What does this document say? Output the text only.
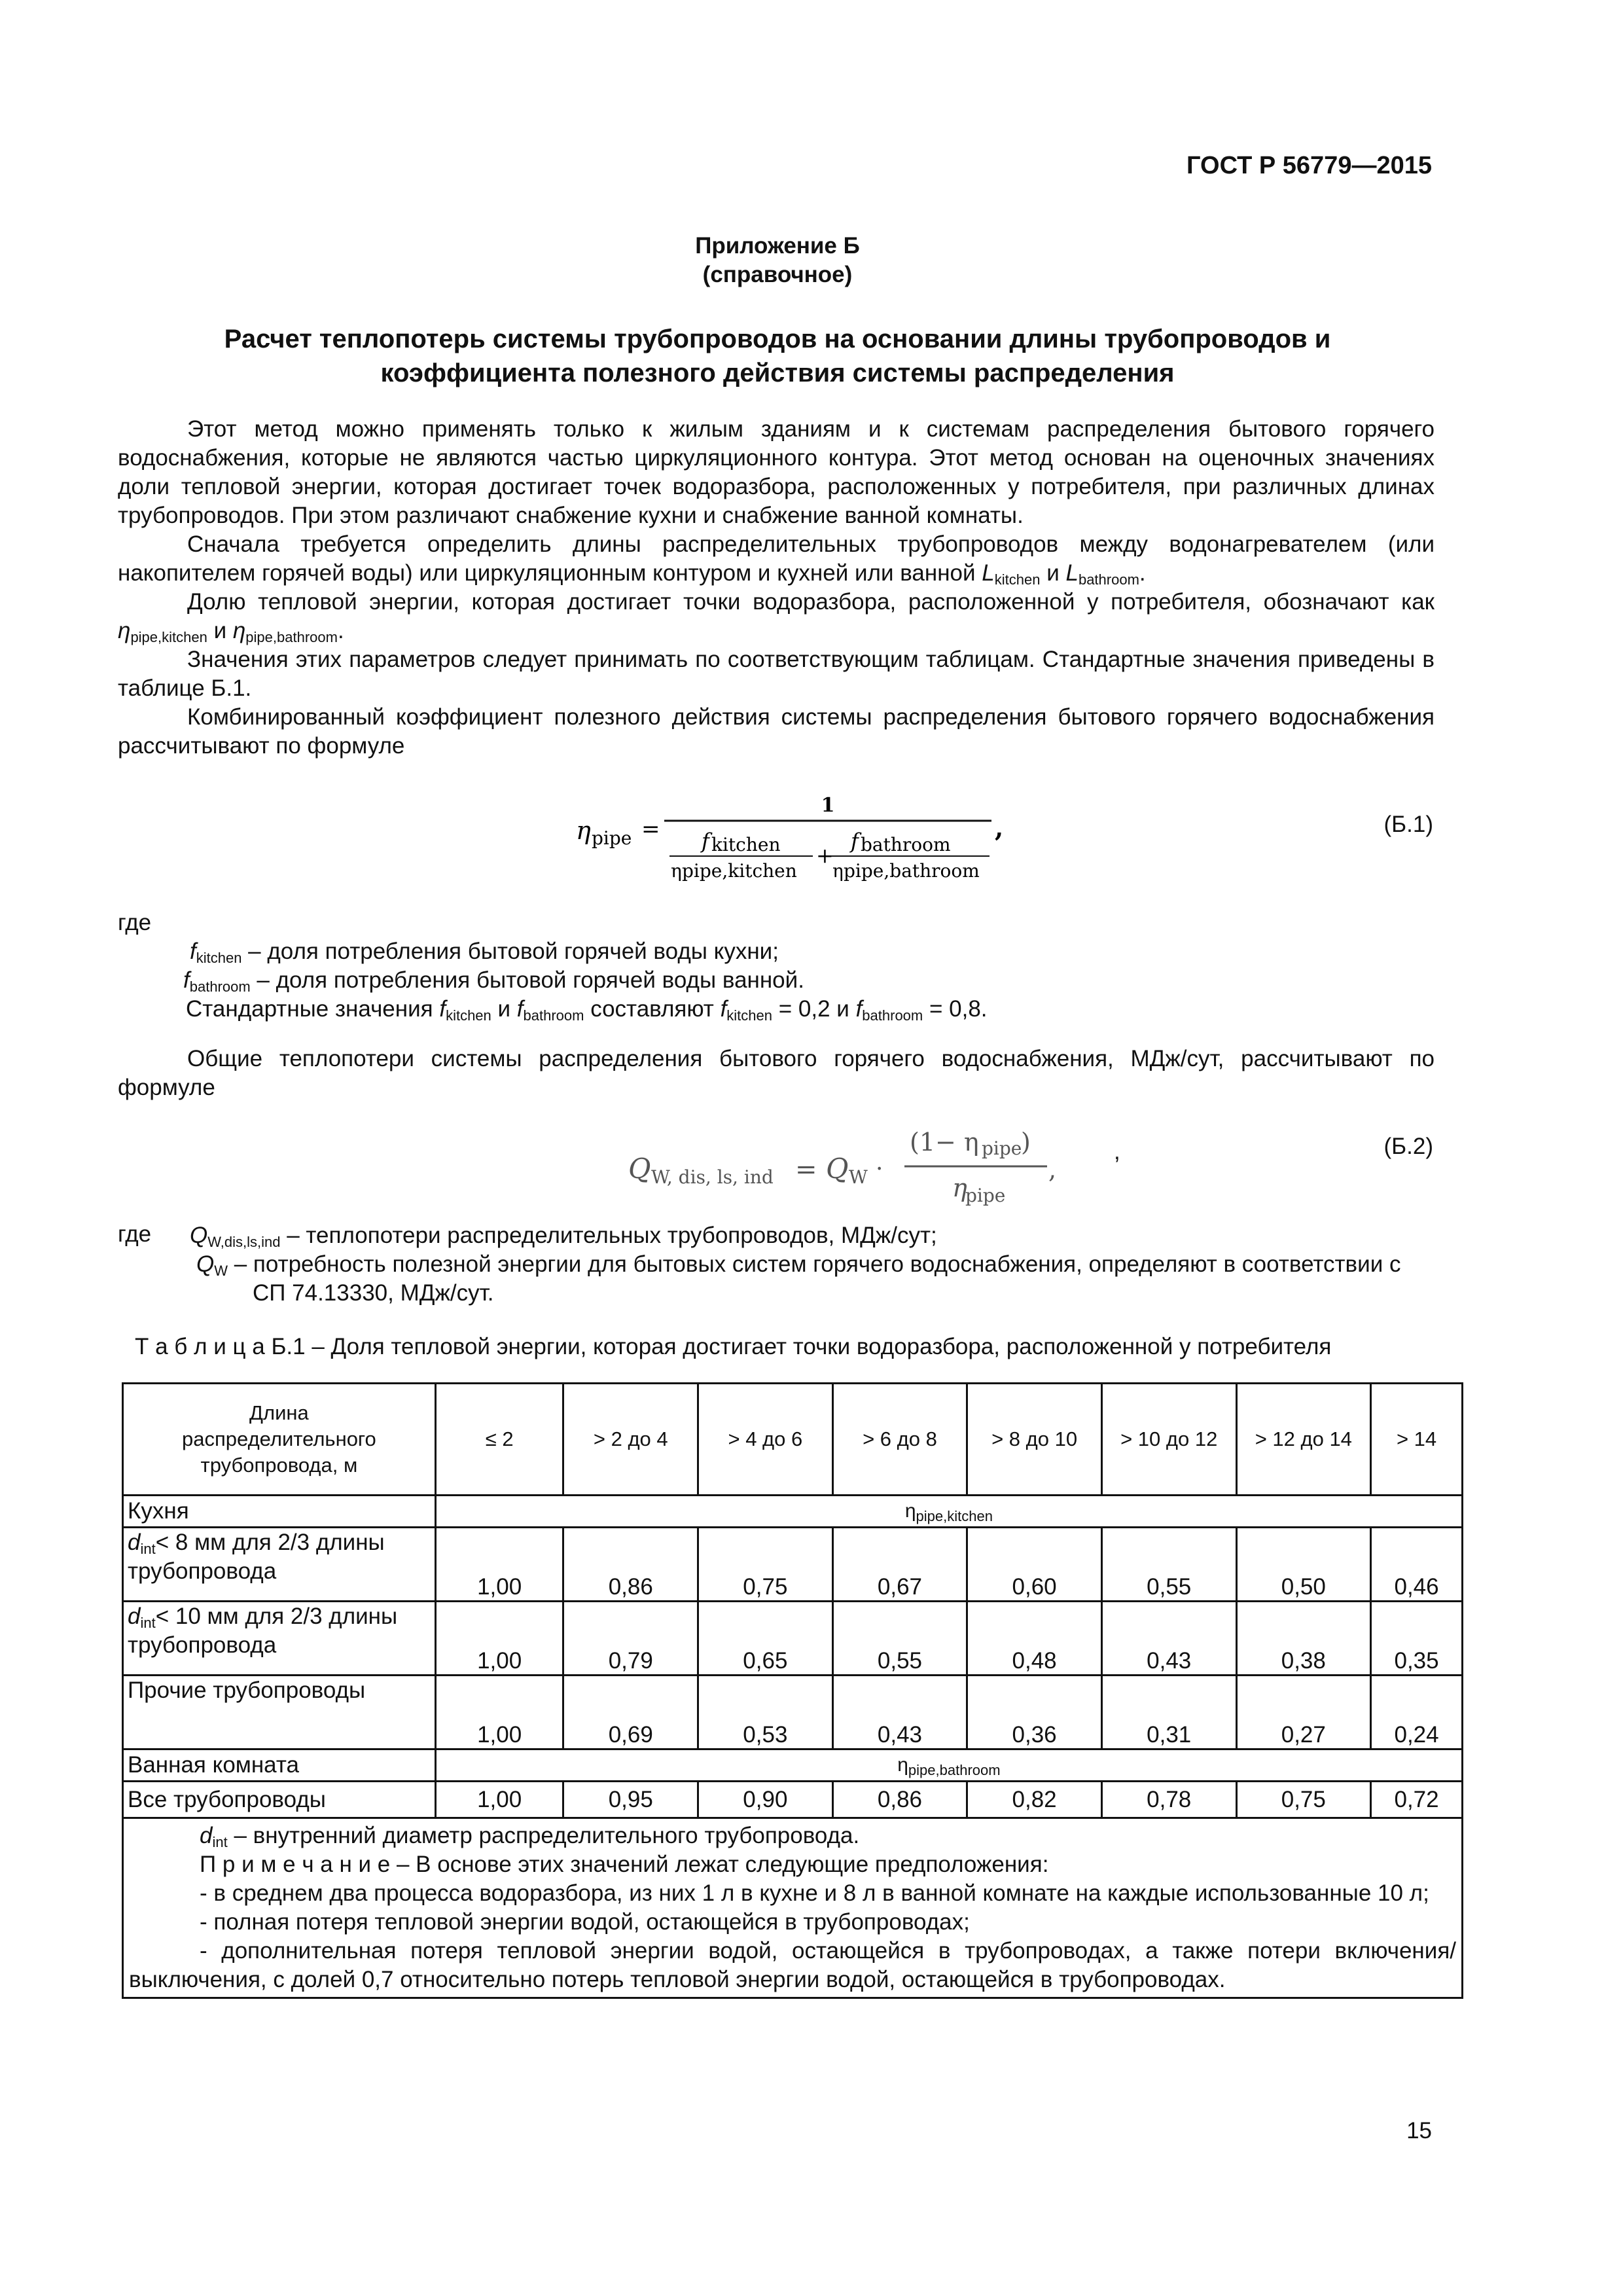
ГОСТ Р 56779—2015
Приложение Б
(справочное)
Расчет теплопотерь системы трубопроводов на основании длины трубопроводов и
коэффициента полезного действия системы распределения

Этот метод можно применять только к жилым зданиям и к системам распределения бытового горячего водоснабжения, которые не являются частью циркуляционного контура. Этот метод основан на оценочных значениях доли тепловой энергии, которая достигает точек водоразбора, расположенных у потребителя, при различных длинах трубопроводов. При этом различают снабжение кухни и снабжение ванной комнаты.

Сначала требуется определить длины распределительных трубопроводов между водонагревателем (или накопителем горячей воды) или циркуляционным контуром и кухней или ванной $L_{kitchen}$ и $L_{bathroom}$.

Долю тепловой энергии, которая достигает точки водоразбора, расположенной у потребителя, обозначают как $\eta_{pipe,kitchen}$ и $\eta_{pipe,bathroom}$.

Значения этих параметров следует принимать по соответствующим таблицам. Стандартные значения приведены в таблице Б.1.

Комбинированный коэффициент полезного действия системы распределения бытового горячего водоснабжения рассчитывают по формуле

η pipe =
1
f kitchen
η pipe,kitchen
+
f bathroom
η pipe,bathroom
,	(Б.1)
где
$f_{kitchen}$ – доля потребления бытовой горячей воды кухни;
$f_{bathroom}$ – доля потребления бытовой горячей воды ванной.
Стандартные значения $f_{kitchen}$ и $f_{bathroom}$ составляют $f_{kitchen} = 0,2$ и $f_{bathroom} = 0,8$.

Общие теплопотери системы распределения бытового горячего водоснабжения, МДж/сут, рассчитывают по формуле

Q W, dis, ls, ind = Q W ·
(1− η pipe
)
η
pipe
,
,	(Б.2)
где $Q_{W,dis,ls,ind}$ – теплопотери распределительных трубопроводов, МДж/сут;
$Q_W$ – потребность полезной энергии для бытовых систем горячего водоснабжения, определяют в соответствии с СП 74.13330, МДж/сут.
Т а б л и ц а Б.1 – Доля тепловой энергии, которая достигает точки водоразбора, расположенной у потребителя
Длина распределительного трубопровода, м	≤ 2	> 2 до 4	> 4 до 6	> 6 до 8	> 8 до 10	> 10 до 12	> 12 до 14	> 14
Кухня	$\eta_{pipe,kitchen}$
$d_{int}< 8$ мм для 2/3 длины трубопровода	1,00	0,86	0,75	0,67	0,60	0,55	0,50	0,46
$d_{int}< 10$ мм для 2/3 длины трубопровода	1,00	0,79	0,65	0,55	0,48	0,43	0,38	0,35
Прочие трубопроводы	1,00	0,69	0,53	0,43	0,36	0,31	0,27	0,24
Ванная комната	$\eta_{pipe,bathroom}$
Все трубопроводы	1,00	0,95	0,90	0,86	0,82	0,78	0,75	0,72

$d_{int}$ – внутренний диаметр распределительного трубопровода.

П р и м е ч а н и е – В основе этих значений лежат следующие предположения:

- в среднем два процесса водоразбора, из них 1 л в кухне и 8 л в ванной комнате на каждые использованные 10 л;

- полная потеря тепловой энергии водой, остающейся в трубопроводах;

- дополнительная потеря тепловой энергии водой, остающейся в трубопроводах, а также потери включения/выключения, с долей 0,7 относительно потерь тепловой энергии водой, остающейся в трубопроводах.								

15
